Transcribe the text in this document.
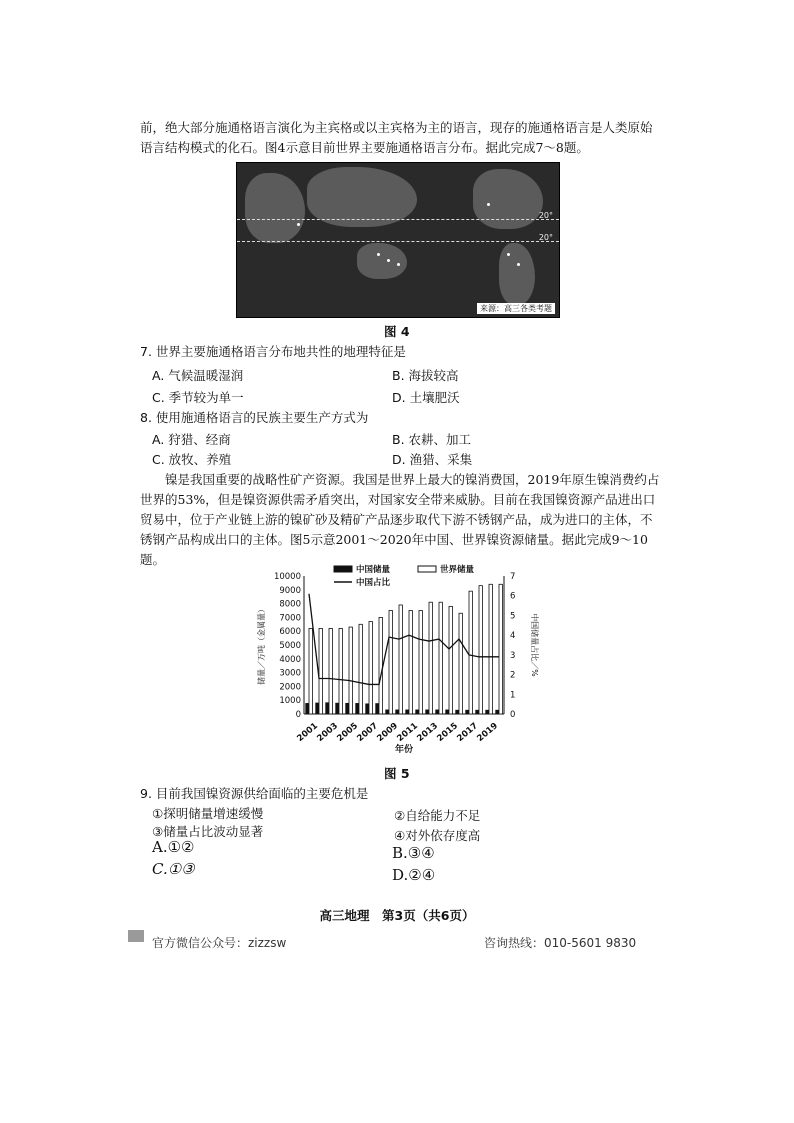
前，绝大部分施通格语言演化为主宾格或以主宾格为主的语言，现存的施通格语言是人类原始语言结构模式的化石。图4示意目前世界主要施通格语言分布。据此完成7～8题。
20°
20°
来源：高三各类考题
图 4
7. 世界主要施通格语言分布地共性的地理特征是
A. 气候温暖湿润	B. 海拔较高
C. 季节较为单一	D. 土壤肥沃
8. 使用施通格语言的民族主要生产方式为
A. 狩猎、经商	B. 农耕、加工
C. 放牧、养殖	D. 渔猎、采集
镍是我国重要的战略性矿产资源。我国是世界上最大的镍消费国，2019年原生镍消费约占世界的53%，但是镍资源供需矛盾突出，对国家安全带来威胁。目前在我国镍资源产品进出口贸易中，位于产业链上游的镍矿砂及精矿产品逐步取代下游不锈钢产品，成为进口的主体，不锈钢产品构成出口的主体。图5示意2001～2020年中国、世界镍资源储量。据此完成9～10题。
0
1000
2000
3000
4000
5000
6000
7000
8000
9000
10000
0
1
2
3
4
5
6
7
2001
2003
2005
2007
2009
2011
2013
2015
2017
2019
年份
储量／万吨（金属量）	中国储量占比／%
中国储量	世界储量
中国占比
图 5
9. 目前我国镍资源供给面临的主要危机是
①探明储量增速缓慢	②自给能力不足
③储量占比波动显著	④对外依存度高
A.①②	B.③④
C.①③	D.②④
高三地理　第3页（共6页）
官方微信公众号：zizzsw	咨询热线：010-5601 9830
